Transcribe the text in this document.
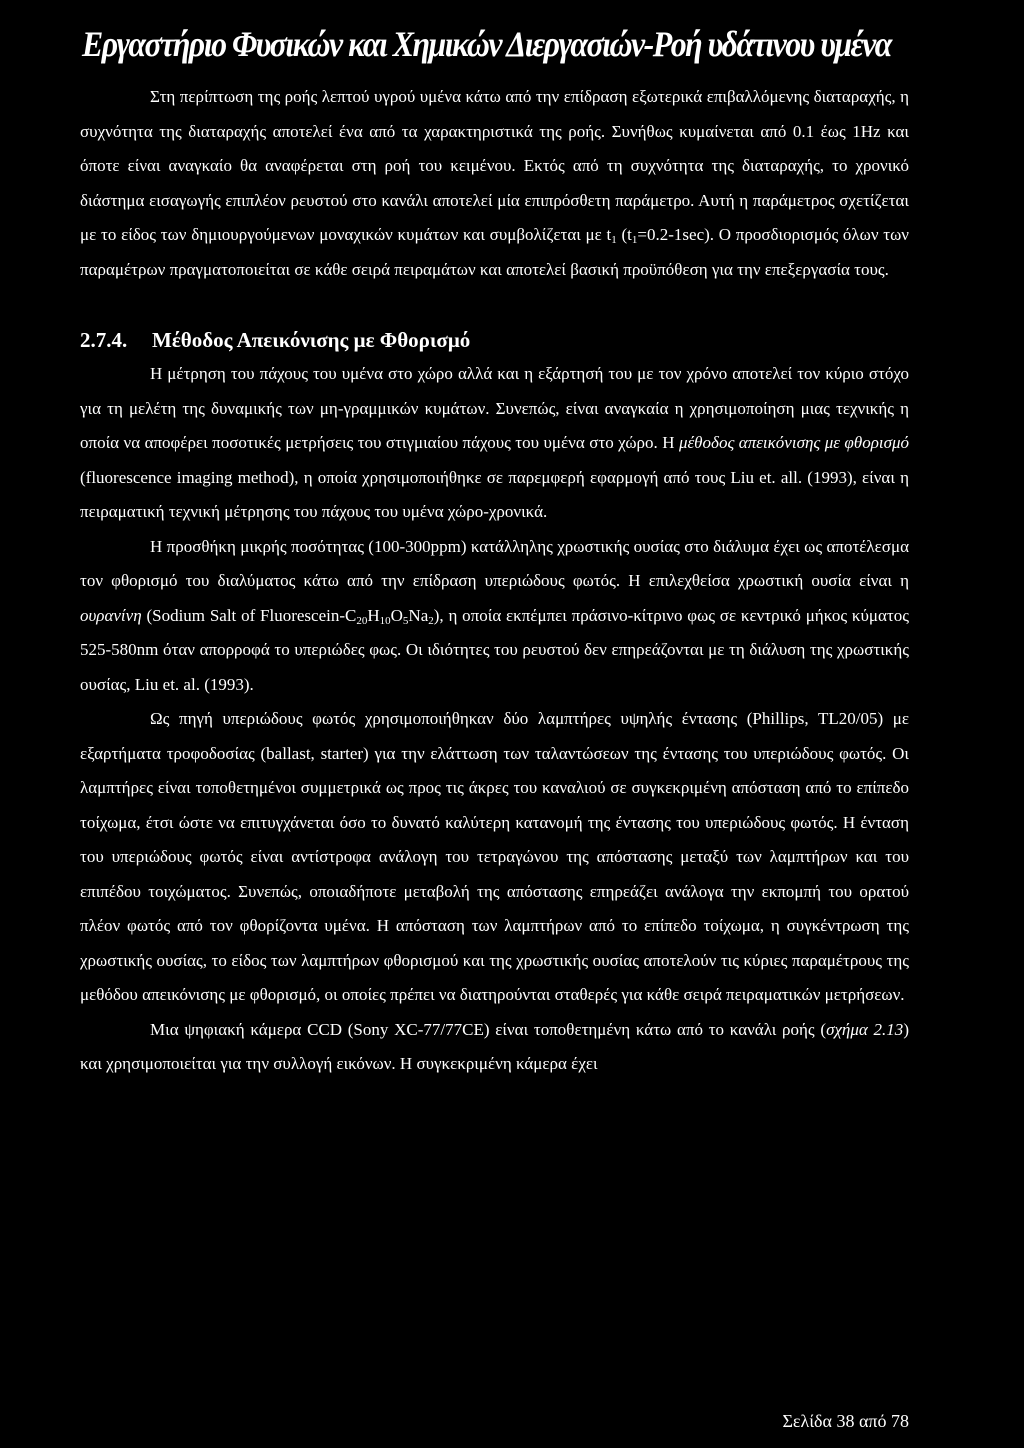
Εργαστήριο Φυσικών και Χημικών Διεργασιών-Ροή υδάτινου υμένα

Στη περίπτωση της ροής λεπτού υγρού υμένα κάτω από την επίδραση εξωτερικά επιβαλλόμενης διαταραχής, η συχνότητα της διαταραχής αποτελεί ένα από τα χαρακτηριστικά της ροής. Συνήθως κυμαίνεται από 0.1 έως 1Hz και όποτε είναι αναγκαίο θα αναφέρεται στη ροή του κειμένου. Εκτός από τη συχνότητα της διαταραχής, το χρονικό διάστημα εισαγωγής επιπλέον ρευστού στο κανάλι αποτελεί μία επιπρόσθετη παράμετρο. Αυτή η παράμετρος σχετίζεται με το είδος των δημιουργούμενων μοναχικών κυμάτων και συμβολίζεται με $t_1$ $(t_1=0.2-1\sec)$. Ο προσδιορισμός όλων των παραμέτρων πραγματοποιείται σε κάθε σειρά πειραμάτων και αποτελεί βασική προϋπόθεση για την επεξεργασία τους.

2.7.4. Μέθοδος Απεικόνισης με Φθορισμό

Η μέτρηση του πάχους του υμένα στο χώρο αλλά και η εξάρτησή του με τον χρόνο αποτελεί τον κύριο στόχο για τη μελέτη της δυναμικής των μη-γραμμικών κυμάτων. Συνεπώς, είναι αναγκαία η χρησιμοποίηση μιας τεχνικής η οποία να αποφέρει ποσοτικές μετρήσεις του στιγμιαίου πάχους του υμένα στο χώρο. Η μέθοδος απεικόνισης με φθορισμό (fluorescence imaging method), η οποία χρησιμοποιήθηκε σε παρεμφερή εφαρμογή από τους Liu et. all. (1993), είναι η πειραματική τεχνική μέτρησης του πάχους του υμένα χώρο-χρονικά.

Η προσθήκη μικρής ποσότητας (100-300ppm) κατάλληλης χρωστικής ουσίας στο διάλυμα έχει ως αποτέλεσμα τον φθορισμό του διαλύματος κάτω από την επίδραση υπεριώδους φωτός. Η επιλεχθείσα χρωστική ουσία είναι η ουρανίνη (Sodium Salt of Fluorescein-$C_{20}H_{10}O_5Na_2$), η οποία εκπέμπει πράσινο-κίτρινο φως σε κεντρικό μήκος κύματος 525-580nm όταν απορροφά το υπεριώδες φως. Οι ιδιότητες του ρευστού δεν επηρεάζονται με τη διάλυση της χρωστικής ουσίας, Liu et. al. (1993).

Ως πηγή υπεριώδους φωτός χρησιμοποιήθηκαν δύο λαμπτήρες υψηλής έντασης (Phillips, TL20/05) με εξαρτήματα τροφοδοσίας (ballast, starter) για την ελάττωση των ταλαντώσεων της έντασης του υπεριώδους φωτός. Οι λαμπτήρες είναι τοποθετημένοι συμμετρικά ως προς τις άκρες του καναλιού σε συγκεκριμένη απόσταση από το επίπεδο τοίχωμα, έτσι ώστε να επιτυγχάνεται όσο το δυνατό καλύτερη κατανομή της έντασης του υπεριώδους φωτός. Η ένταση του υπεριώδους φωτός είναι αντίστροφα ανάλογη του τετραγώνου της απόστασης μεταξύ των λαμπτήρων και του επιπέδου τοιχώματος. Συνεπώς, οποιαδήποτε μεταβολή της απόστασης επηρεάζει ανάλογα την εκπομπή του ορατού πλέον φωτός από τον φθορίζοντα υμένα. Η απόσταση των λαμπτήρων από το επίπεδο τοίχωμα, η συγκέντρωση της χρωστικής ουσίας, το είδος των λαμπτήρων φθορισμού και της χρωστικής ουσίας αποτελούν τις κύριες παραμέτρους της μεθόδου απεικόνισης με φθορισμό, οι οποίες πρέπει να διατηρούνται σταθερές για κάθε σειρά πειραματικών μετρήσεων.

Μια ψηφιακή κάμερα CCD (Sony XC-77/77CE) είναι τοποθετημένη κάτω από το κανάλι ροής (σχήμα 2.13) και χρησιμοποιείται για την συλλογή εικόνων. Η συγκεκριμένη κάμερα έχει

Σελίδα 38 από 78
